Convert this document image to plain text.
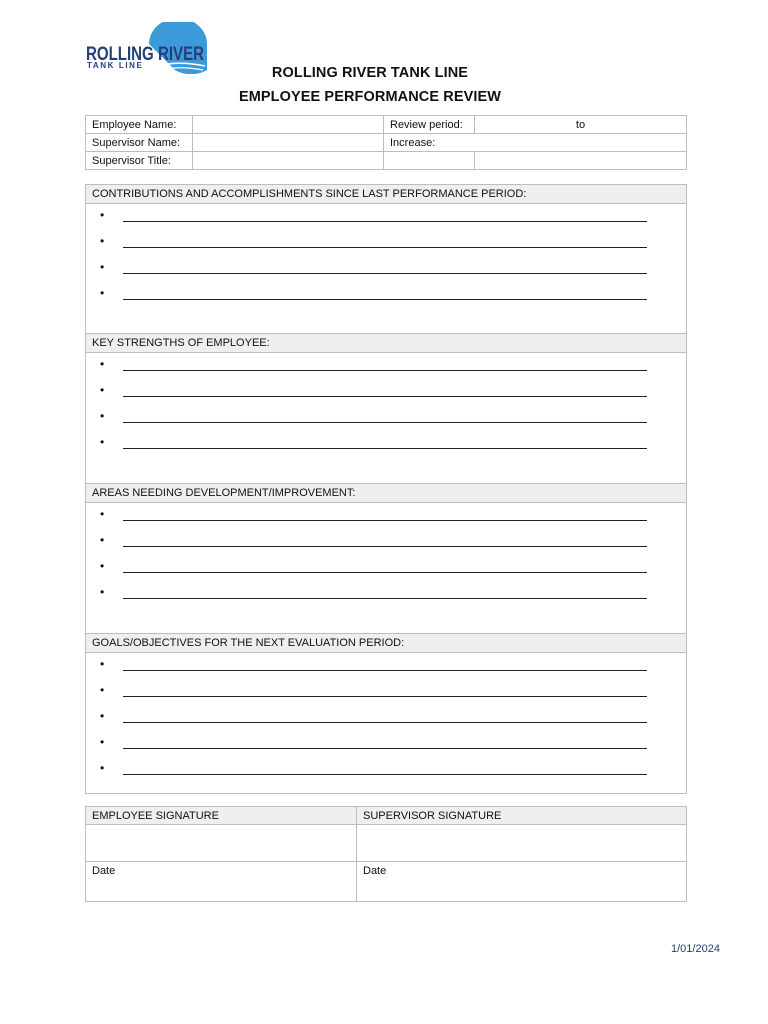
ROLLING RIVER
TANK LINE	ROLLING RIVER TANK LINE
EMPLOYEE PERFORMANCE REVIEW
Employee Name:		Review period:	to
Supervisor Name:		Increase:	
Supervisor Title:			
CONTRIBUTIONS AND ACCOMPLISHMENTS SINCE LAST PERFORMANCE PERIOD:
•
•
•
•
KEY STRENGTHS OF EMPLOYEE:
•
•
•
•
AREAS NEEDING DEVELOPMENT/IMPROVEMENT:
•
•
•
•
GOALS/OBJECTIVES FOR THE NEXT EVALUATION PERIOD:
•
•
•
•
•
EMPLOYEE SIGNATURE	SUPERVISOR SIGNATURE

Date	Date
1/01/2024
